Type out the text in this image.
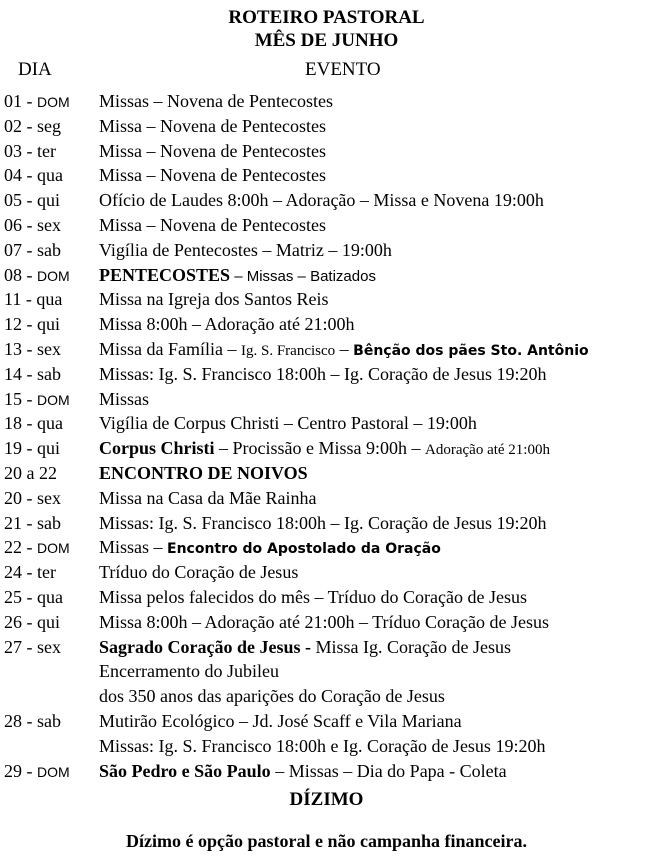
ROTEIRO PASTORAL
MÊS DE JUNHO
DIA	EVENTO
01 - DOM Missas – Novena de Pentecostes
02 - seg Missa – Novena de Pentecostes
03 - ter Missa – Novena de Pentecostes
04 - qua Missa – Novena de Pentecostes
05 - qui Ofício de Laudes 8:00h – Adoração – Missa e Novena 19:00h
06 - sex Missa – Novena de Pentecostes
07 - sab Vigília de Pentecostes – Matriz – 19:00h
08 - DOM PENTECOSTES – Missas – Batizados
11 - qua Missa na Igreja dos Santos Reis
12 - qui Missa 8:00h – Adoração até 21:00h
13 - sex Missa da Família – Ig. S. Francisco – Bênção dos pães Sto. Antônio
14 - sab Missas: Ig. S. Francisco 18:00h – Ig. Coração de Jesus 19:20h
15 - DOM Missas
18 - qua Vigília de Corpus Christi – Centro Pastoral – 19:00h
19 - qui Corpus Christi – Procissão e Missa 9:00h – Adoração até 21:00h
20 a 22 ENCONTRO DE NOIVOS
20 - sex Missa na Casa da Mãe Rainha
21 - sab Missas: Ig. S. Francisco 18:00h – Ig. Coração de Jesus 19:20h
22 - DOM Missas – Encontro do Apostolado da Oração
24 - ter Tríduo do Coração de Jesus
25 - qua Missa pelos falecidos do mês – Tríduo do Coração de Jesus
26 - qui Missa 8:00h – Adoração até 21:00h – Tríduo Coração de Jesus
27 - sex Sagrado Coração de Jesus - Missa Ig. Coração de Jesus
Encerramento do Jubileu
dos 350 anos das aparições do Coração de Jesus
28 - sab Mutirão Ecológico – Jd. José Scaff e Vila Mariana
Missas: Ig. S. Francisco 18:00h e Ig. Coração de Jesus 19:20h
29 - DOM São Pedro e São Paulo – Missas – Dia do Papa - Coleta
DÍZIMO
Dízimo é opção pastoral e não campanha financeira.
